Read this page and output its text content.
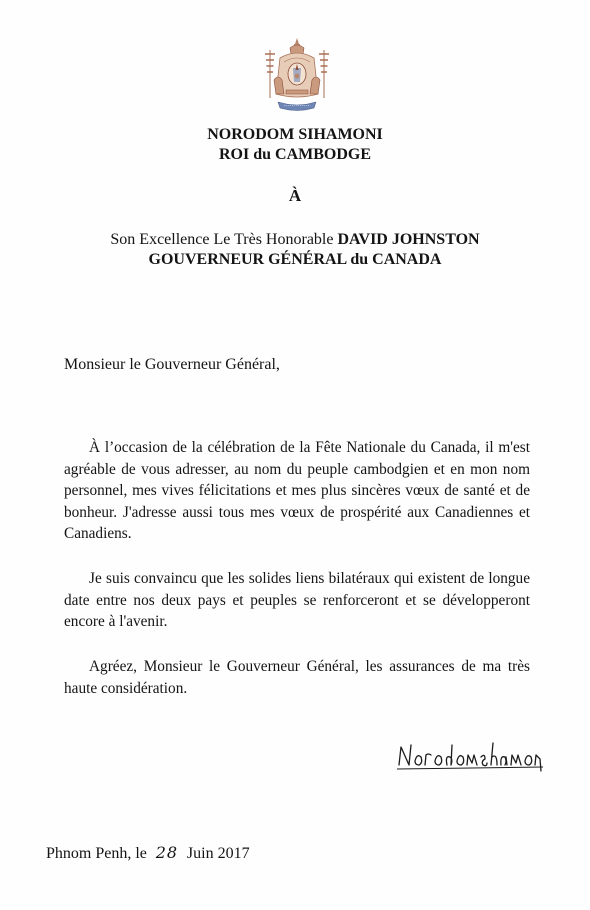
NORODOM SIHAMONI
ROI du CAMBODGE
À
Son Excellence Le Très Honorable DAVID JOHNSTON
GOUVERNEUR GÉNÉRAL du CANADA
Monsieur le Gouverneur Général,

À l’occasion de la célébration de la Fête Nationale du Canada, il m'est agréable de vous adresser, au nom du peuple cambodgien et en mon nom personnel, mes vives félicitations et mes plus sincères vœux de santé et de bonheur. J'adresse aussi tous mes vœux de prospérité aux Canadiennes et Canadiens.

Je suis convaincu que les solides liens bilatéraux qui existent de longue date entre nos deux pays et peuples se renforceront et se développeront encore à l'avenir.

Agréez, Monsieur le Gouverneur Général, les assurances de ma très haute considération.

Phnom Penh, le 28 Juin 2017
